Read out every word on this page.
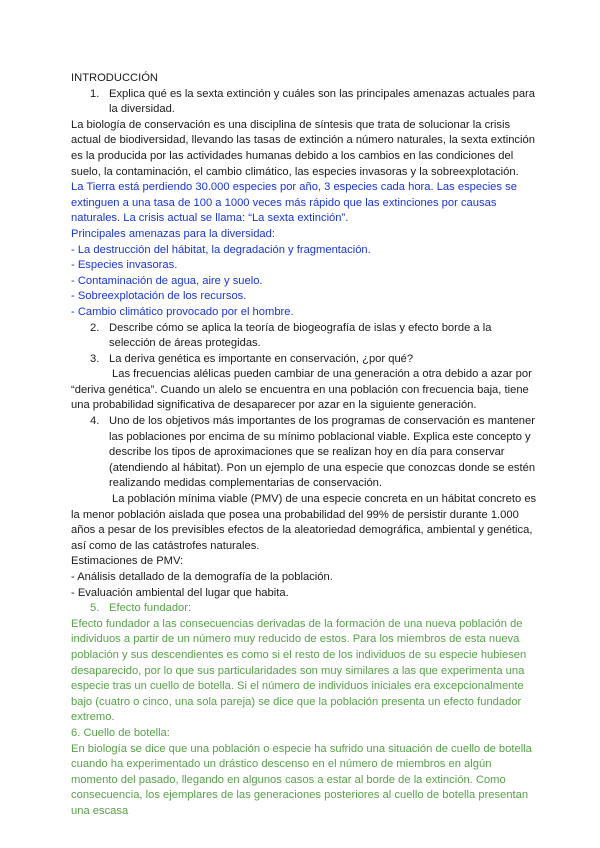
INTRODUCCIÓN

1. Explica qué es la sexta extinción y cuáles son las principales amenazas actuales para la diversidad.

La biología de conservación es una disciplina de síntesis que trata de solucionar la crisis actual de biodiversidad, llevando las tasas de extinción a número naturales, la sexta extinción es la producida por las actividades humanas debido a los cambios en las condiciones del suelo, la contaminación, el cambio climático, las especies invasoras y la sobreexplotación.

La Tierra está perdiendo 30.000 especies por año, 3 especies cada hora. Las especies se extinguen a una tasa de 100 a 1000 veces más rápido que las extinciones por causas naturales. La crisis actual se llama: “La sexta extinción”.

Principales amenazas para la diversidad:

- La destrucción del hábitat, la degradación y fragmentación.

- Especies invasoras.

- Contaminación de agua, aire y suelo.

- Sobreexplotación de los recursos.

- Cambio climático provocado por el hombre.

2. Describe cómo se aplica la teoría de biogeografía de islas y efecto borde a la selección de áreas protegidas.
3. La deriva genética es importante en conservación, ¿por qué?

Las frecuencias alélicas pueden cambiar de una generación a otra debido a azar por “deriva genética”. Cuando un alelo se encuentra en una población con frecuencia baja, tiene una probabilidad significativa de desaparecer por azar en la siguiente generación.

4. Uno de los objetivos más importantes de los programas de conservación es mantener las poblaciones por encima de su mínimo poblacional viable. Explica este concepto y describe los tipos de aproximaciones que se realizan hoy en día para conservar (atendiendo al hábitat). Pon un ejemplo de una especie que conozcas donde se estén realizando medidas complementarias de conservación.

La población mínima viable (PMV) de una especie concreta en un hábitat concreto es la menor población aislada que posea una probabilidad del 99% de persistir durante 1.000 años a pesar de los previsibles efectos de la aleatoriedad demográfica, ambiental y genética, así como de las catástrofes naturales.

Estimaciones de PMV:

- Análisis detallado de la demografía de la población.

- Evaluación ambiental del lugar que habita.

5. Efecto fundador:

Efecto fundador a las consecuencias derivadas de la formación de una nueva población de individuos a partir de un número muy reducido de estos. Para los miembros de esta nueva población y sus descendientes es como si el resto de los individuos de su especie hubiesen desaparecido, por lo que sus particularidades son muy similares a las que experimenta una especie tras un cuello de botella. Si el número de individuos iniciales era excepcionalmente bajo (cuatro o cinco, una sola pareja) se dice que la población presenta un efecto fundador extremo.

6. Cuello de botella:

En biología se dice que una población o especie ha sufrido una situación de cuello de botella cuando ha experimentado un drástico descenso en el número de miembros en algún momento del pasado, llegando en algunos casos a estar al borde de la extinción. Como consecuencia, los ejemplares de las generaciones posteriores al cuello de botella presentan una escasa
